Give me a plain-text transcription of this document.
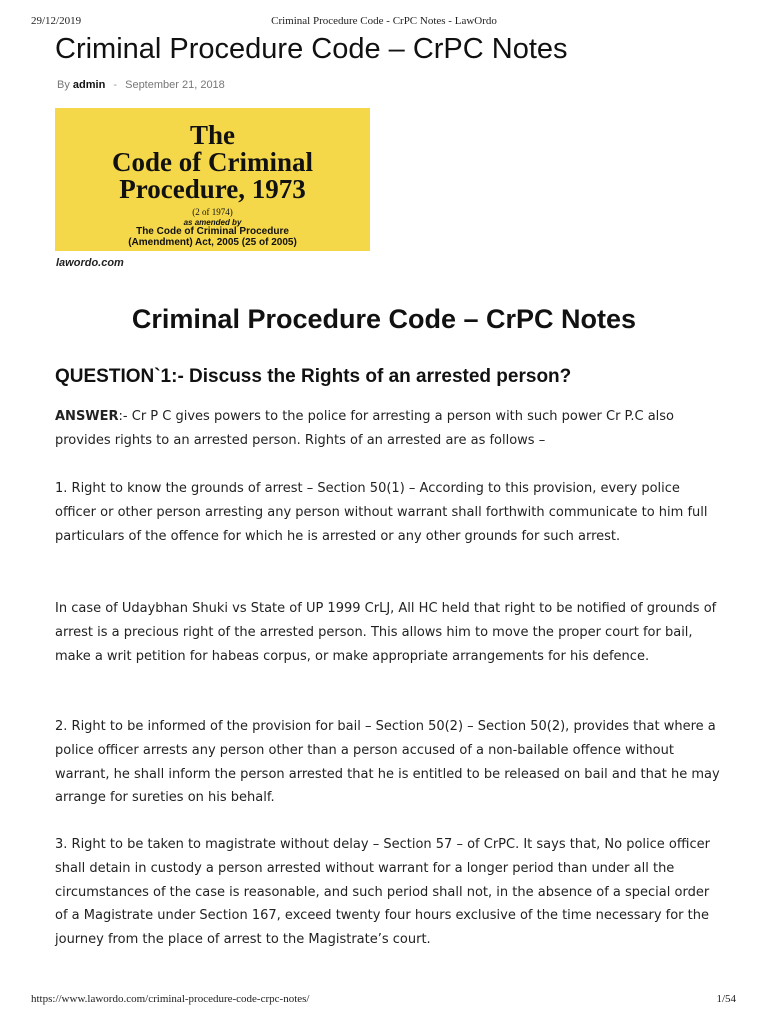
29/12/2019	Criminal Procedure Code - CrPC Notes - LawOrdo
Criminal Procedure Code – CrPC Notes
By admin - September 21, 2018
The
Code of Criminal
Procedure, 1973
(2 of 1974)
as amended by
The Code of Criminal Procedure
(Amendment) Act, 2005 (25 of 2005)
lawordo.com
Criminal Procedure Code – CrPC Notes
QUESTION`1:- Discuss the Rights of an arrested person?

ANSWER:- Cr P C gives powers to the police for arresting a person with such power Cr P.C also provides rights to an arrested person. Rights of an arrested are as follows –

1. Right to know the grounds of arrest – Section 50(1) – According to this provision, every police officer or other person arresting any person without warrant shall forthwith communicate to him full particulars of the offence for which he is arrested or any other grounds for such arrest.

In case of Udaybhan Shuki vs State of UP 1999 CrLJ, All HC held that right to be notified of grounds of arrest is a precious right of the arrested person. This allows him to move the proper court for bail, make a writ petition for habeas corpus, or make appropriate arrangements for his defence.

2. Right to be informed of the provision for bail – Section 50(2) – Section 50(2), provides that where a police officer arrests any person other than a person accused of a non-bailable offence without warrant, he shall inform the person arrested that he is entitled to be released on bail and that he may arrange for sureties on his behalf.

3. Right to be taken to magistrate without delay – Section 57 – of CrPC. It says that, No police officer shall detain in custody a person arrested without warrant for a longer period than under all the circumstances of the case is reasonable, and such period shall not, in the absence of a special order of a Magistrate under Section 167, exceed twenty four hours exclusive of the time necessary for the journey from the place of arrest to the Magistrate’s court.

https://www.lawordo.com/criminal-procedure-code-crpc-notes/	1/54
